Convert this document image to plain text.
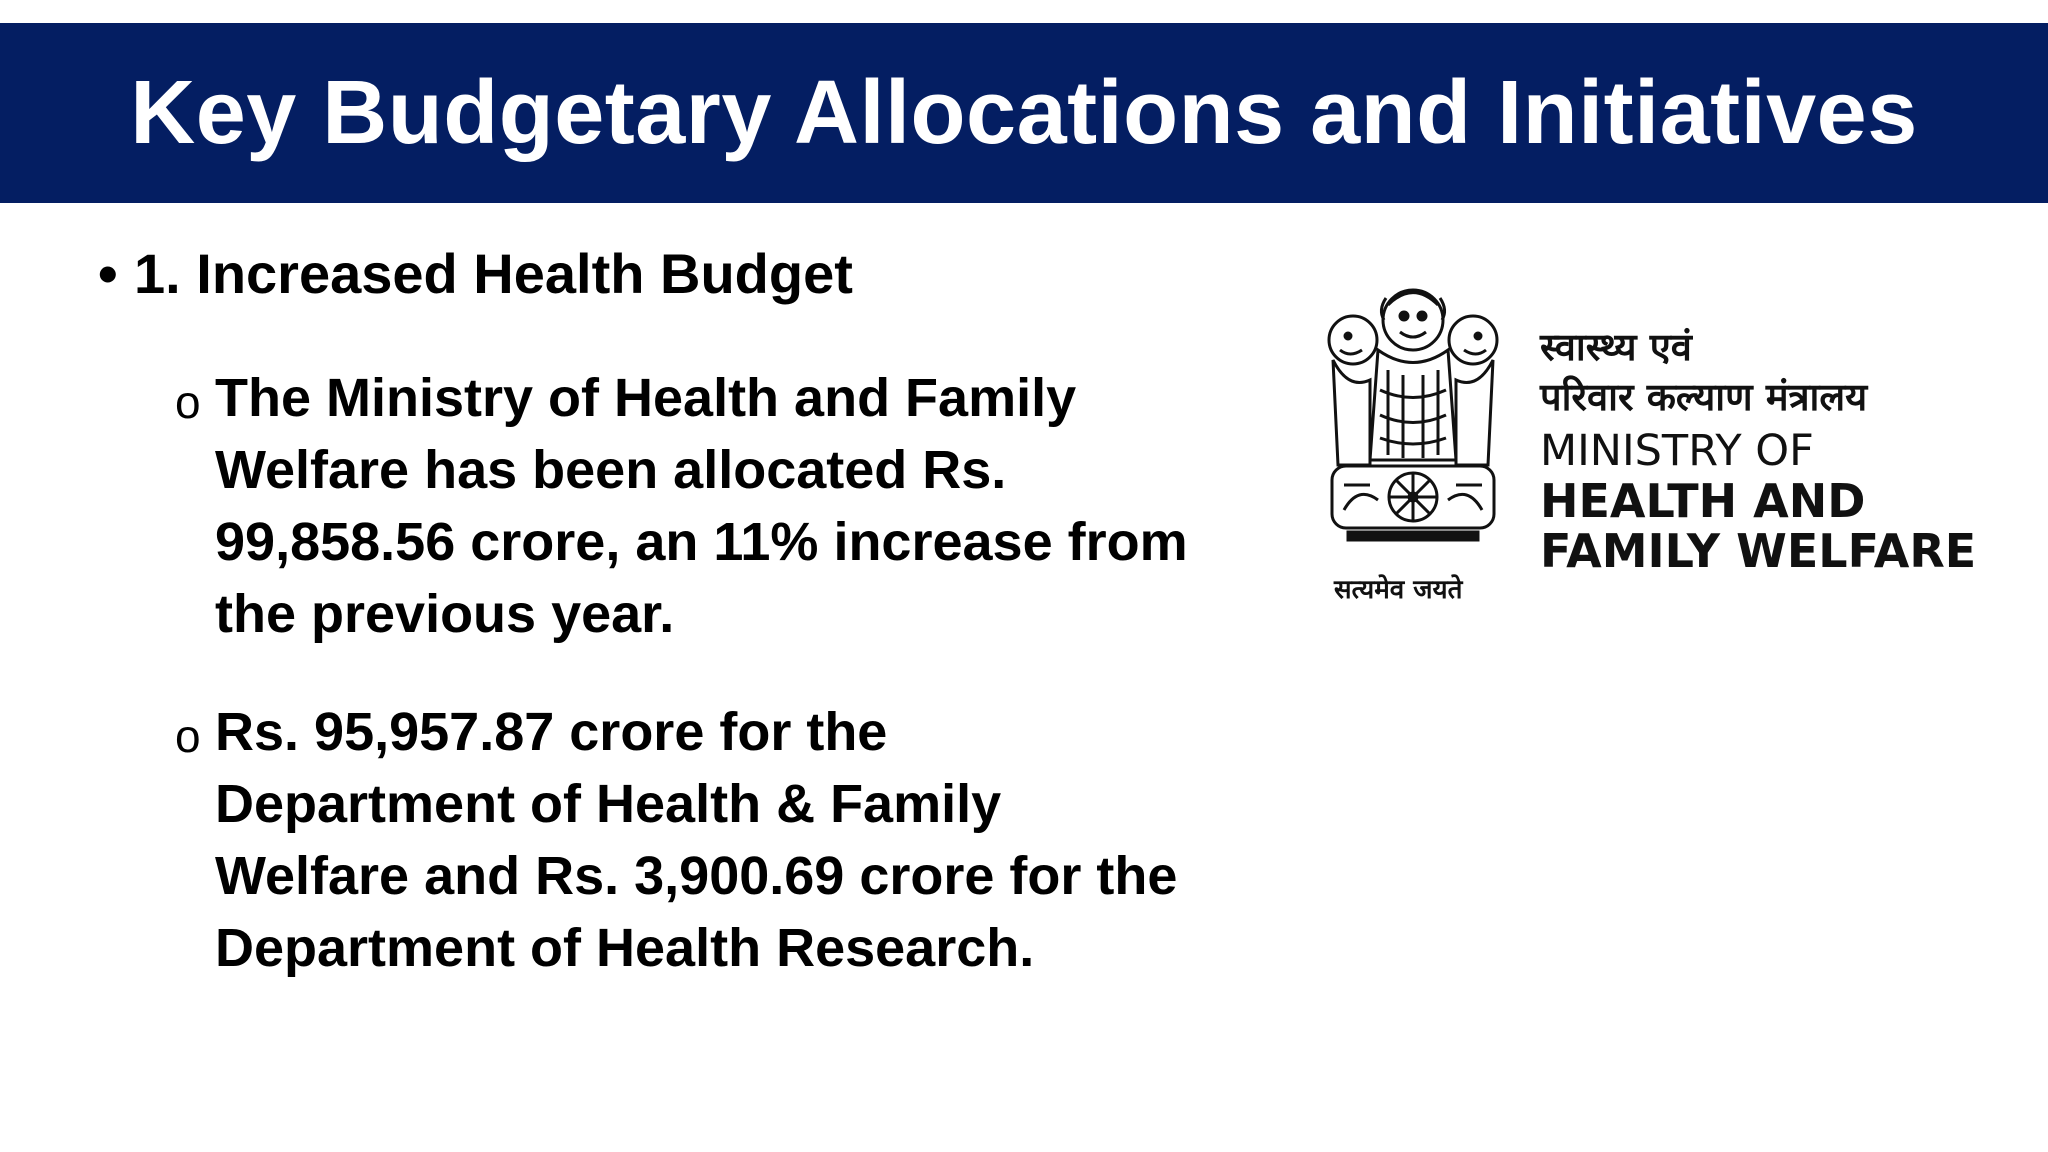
Key Budgetary Allocations and Initiatives
• 1. Increased Health Budget
o The Ministry of Health and Family Welfare has been allocated Rs. 99,858.56 crore, an 11% increase from the previous year.
o Rs. 95,957.87 crore for the Department of Health & Family Welfare and Rs. 3,900.69 crore for the Department of Health Research.
सत्यमेव जयते
स्वास्थ्य एवं
परिवार कल्याण मंत्रालय
MINISTRY OF
HEALTH AND
FAMILY WELFARE
